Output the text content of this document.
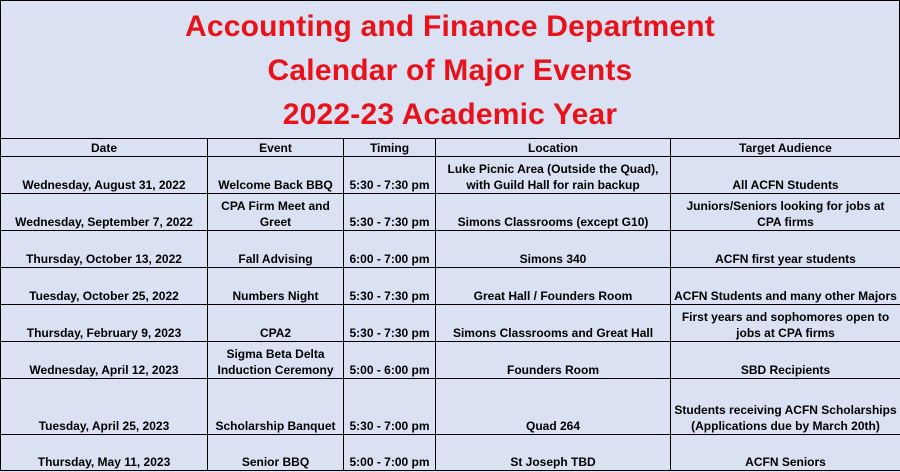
Accounting and Finance Department
Calendar of Major Events
2022-23 Academic Year
Date	Event	Timing	Location	Target Audience
Wednesday, August 31, 2022	Welcome Back BBQ	5:30 - 7:30 pm	Luke Picnic Area (Outside the Quad), with Guild Hall for rain backup	All ACFN Students
Wednesday, September 7, 2022	CPA Firm Meet and Greet	5:30 - 7:30 pm	Simons Classrooms (except G10)	Juniors/Seniors looking for jobs at CPA firms
Thursday, October 13, 2022	Fall Advising	6:00 - 7:00 pm	Simons 340	ACFN first year students
Tuesday, October 25, 2022	Numbers Night	5:30 - 7:30 pm	Great Hall / Founders Room	ACFN Students and many other Majors
Thursday, February 9, 2023	CPA2	5:30 - 7:30 pm	Simons Classrooms and Great Hall	First years and sophomores open to jobs at CPA firms
Wednesday, April 12, 2023	Sigma Beta Delta Induction Ceremony	5:00 - 6:00 pm	Founders Room	SBD Recipients
Tuesday, April 25, 2023	Scholarship Banquet	5:30 - 7:00 pm	Quad 264	Students receiving ACFN Scholarships (Applications due by March 20th)
Thursday, May 11, 2023	Senior BBQ	5:00 - 7:00 pm	St Joseph TBD	ACFN Seniors
